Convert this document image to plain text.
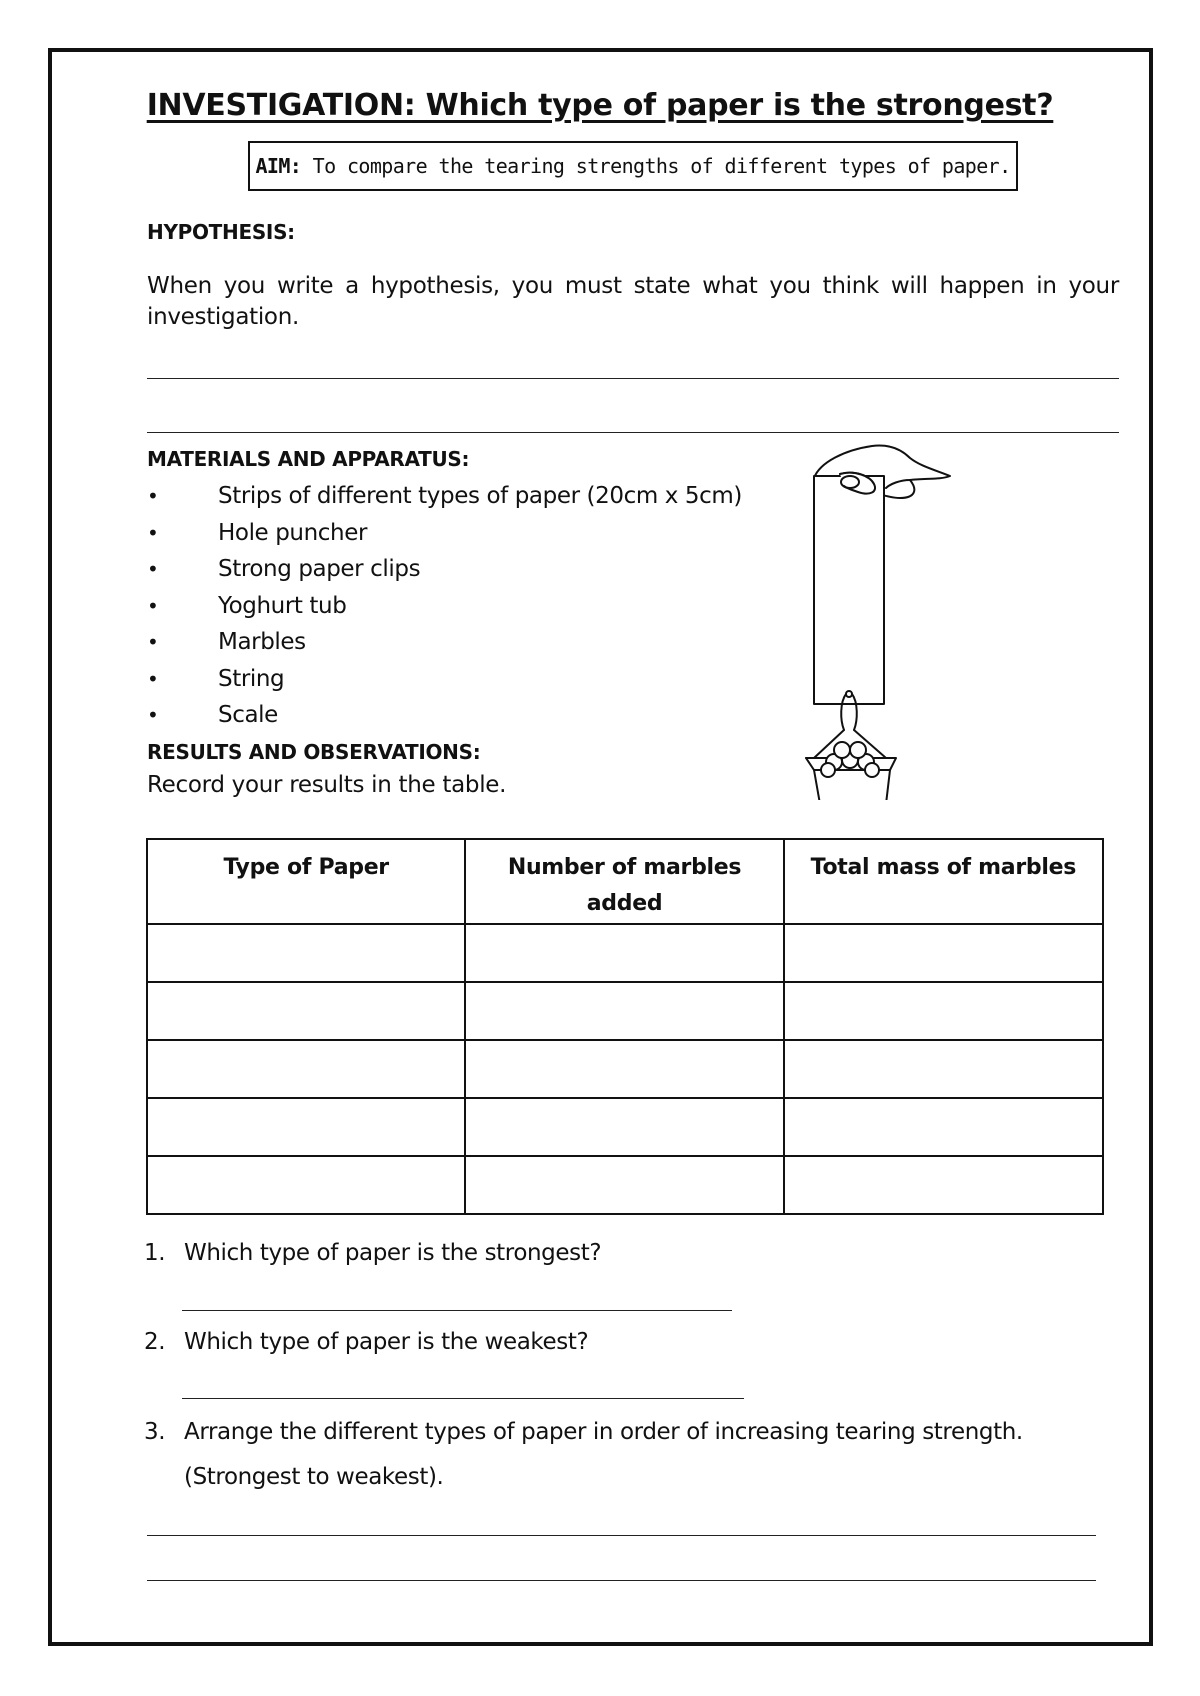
INVESTIGATION: Which type of paper is the strongest?
AIM: To compare the tearing strengths of different types of paper.
HYPOTHESIS:
When you write a hypothesis, you must state what you think will happen in your investigation.
MATERIALS AND APPARATUS:
•	Strips of different types of paper (20cm x 5cm)
•	Hole puncher
•	Strong paper clips
•	Yoghurt tub
•	Marbles
•	String
•	Scale
RESULTS AND OBSERVATIONS:
Record your results in the table.
Type of Paper	Number of marbles added	Total mass of marbles

1. Which type of paper is the strongest?
2. Which type of paper is the weakest?
3. Arrange the different types of paper in order of increasing tearing strength.
(Strongest to weakest).
